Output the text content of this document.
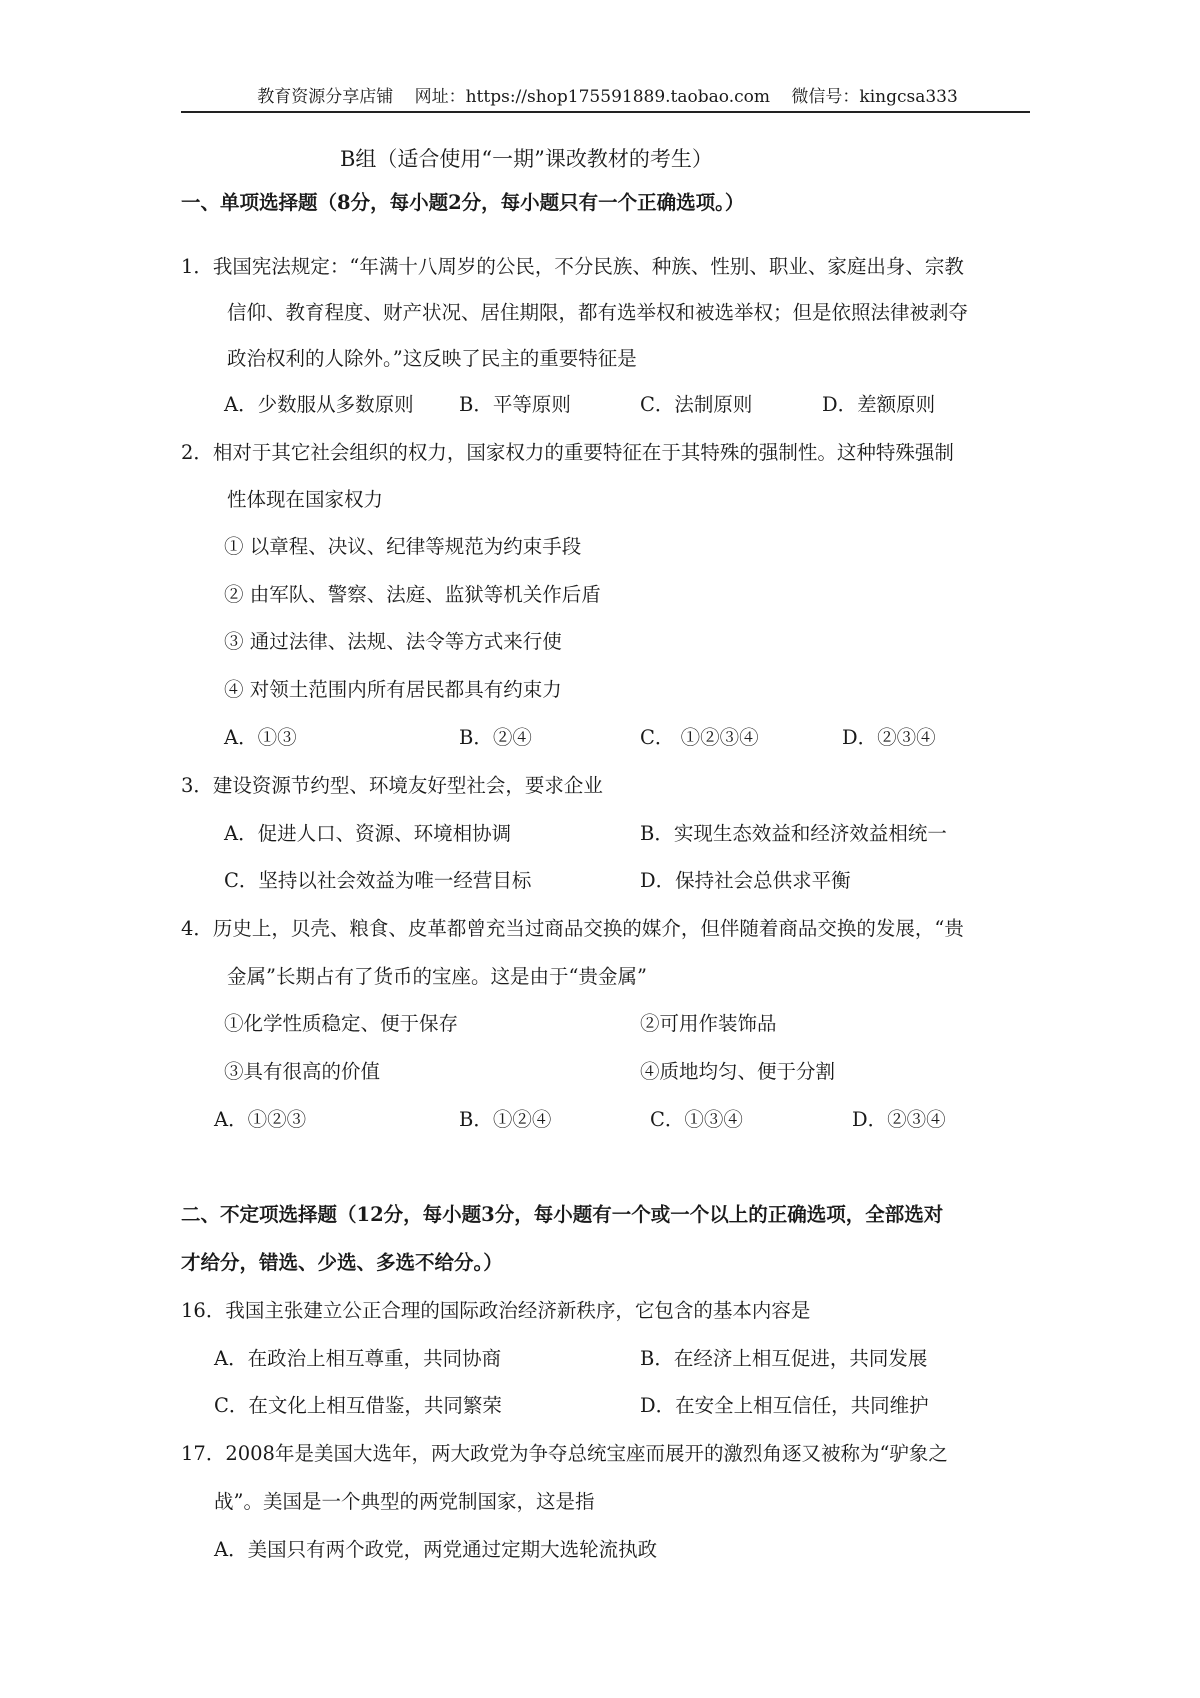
教育资源分享店铺 网址：https://shop175591889.taobao.com 微信号：kingcsa333
B组（适合使用“一期”课改教材的考生）
一、单项选择题（8分，每小题2分，每小题只有一个正确选项。）
1．我国宪法规定：“年满十八周岁的公民，不分民族、种族、性别、职业、家庭出身、宗教
信仰、教育程度、财产状况、居住期限，都有选举权和被选举权；但是依照法律被剥夺
政治权利的人除外。”这反映了民主的重要特征是
A．少数服从多数原则 B．平等原则	C．法制原则	D．差额原则
2．相对于其它社会组织的权力，国家权力的重要特征在于其特殊的强制性。这种特殊强制
性体现在国家权力
① 以章程、决议、纪律等规范为约束手段
② 由军队、警察、法庭、监狱等机关作后盾
③ 通过法律、法规、法令等方式来行使
④ 对领土范围内所有居民都具有约束力
A．①③	B．②④	C． ①②③④	D．②③④
3．建设资源节约型、环境友好型社会，要求企业
A．促进人口、资源、环境相协调	B．实现生态效益和经济效益相统一
C．坚持以社会效益为唯一经营目标	D．保持社会总供求平衡
4．历史上，贝壳、粮食、皮革都曾充当过商品交换的媒介，但伴随着商品交换的发展，“贵
金属”长期占有了货币的宝座。这是由于“贵金属”
①化学性质稳定、便于保存	②可用作装饰品
③具有很高的价值	④质地均匀、便于分割
A．①②③	B．①②④	C．①③④	D．②③④
二、不定项选择题（12分，每小题3分，每小题有一个或一个以上的正确选项，全部选对
才给分，错选、少选、多选不给分。）
16．我国主张建立公正合理的国际政治经济新秩序，它包含的基本内容是
A．在政治上相互尊重，共同协商	B．在经济上相互促进，共同发展
C．在文化上相互借鉴，共同繁荣	D．在安全上相互信任，共同维护
17．2008年是美国大选年，两大政党为争夺总统宝座而展开的激烈角逐又被称为“驴象之
战”。美国是一个典型的两党制国家，这是指
A．美国只有两个政党，两党通过定期大选轮流执政
